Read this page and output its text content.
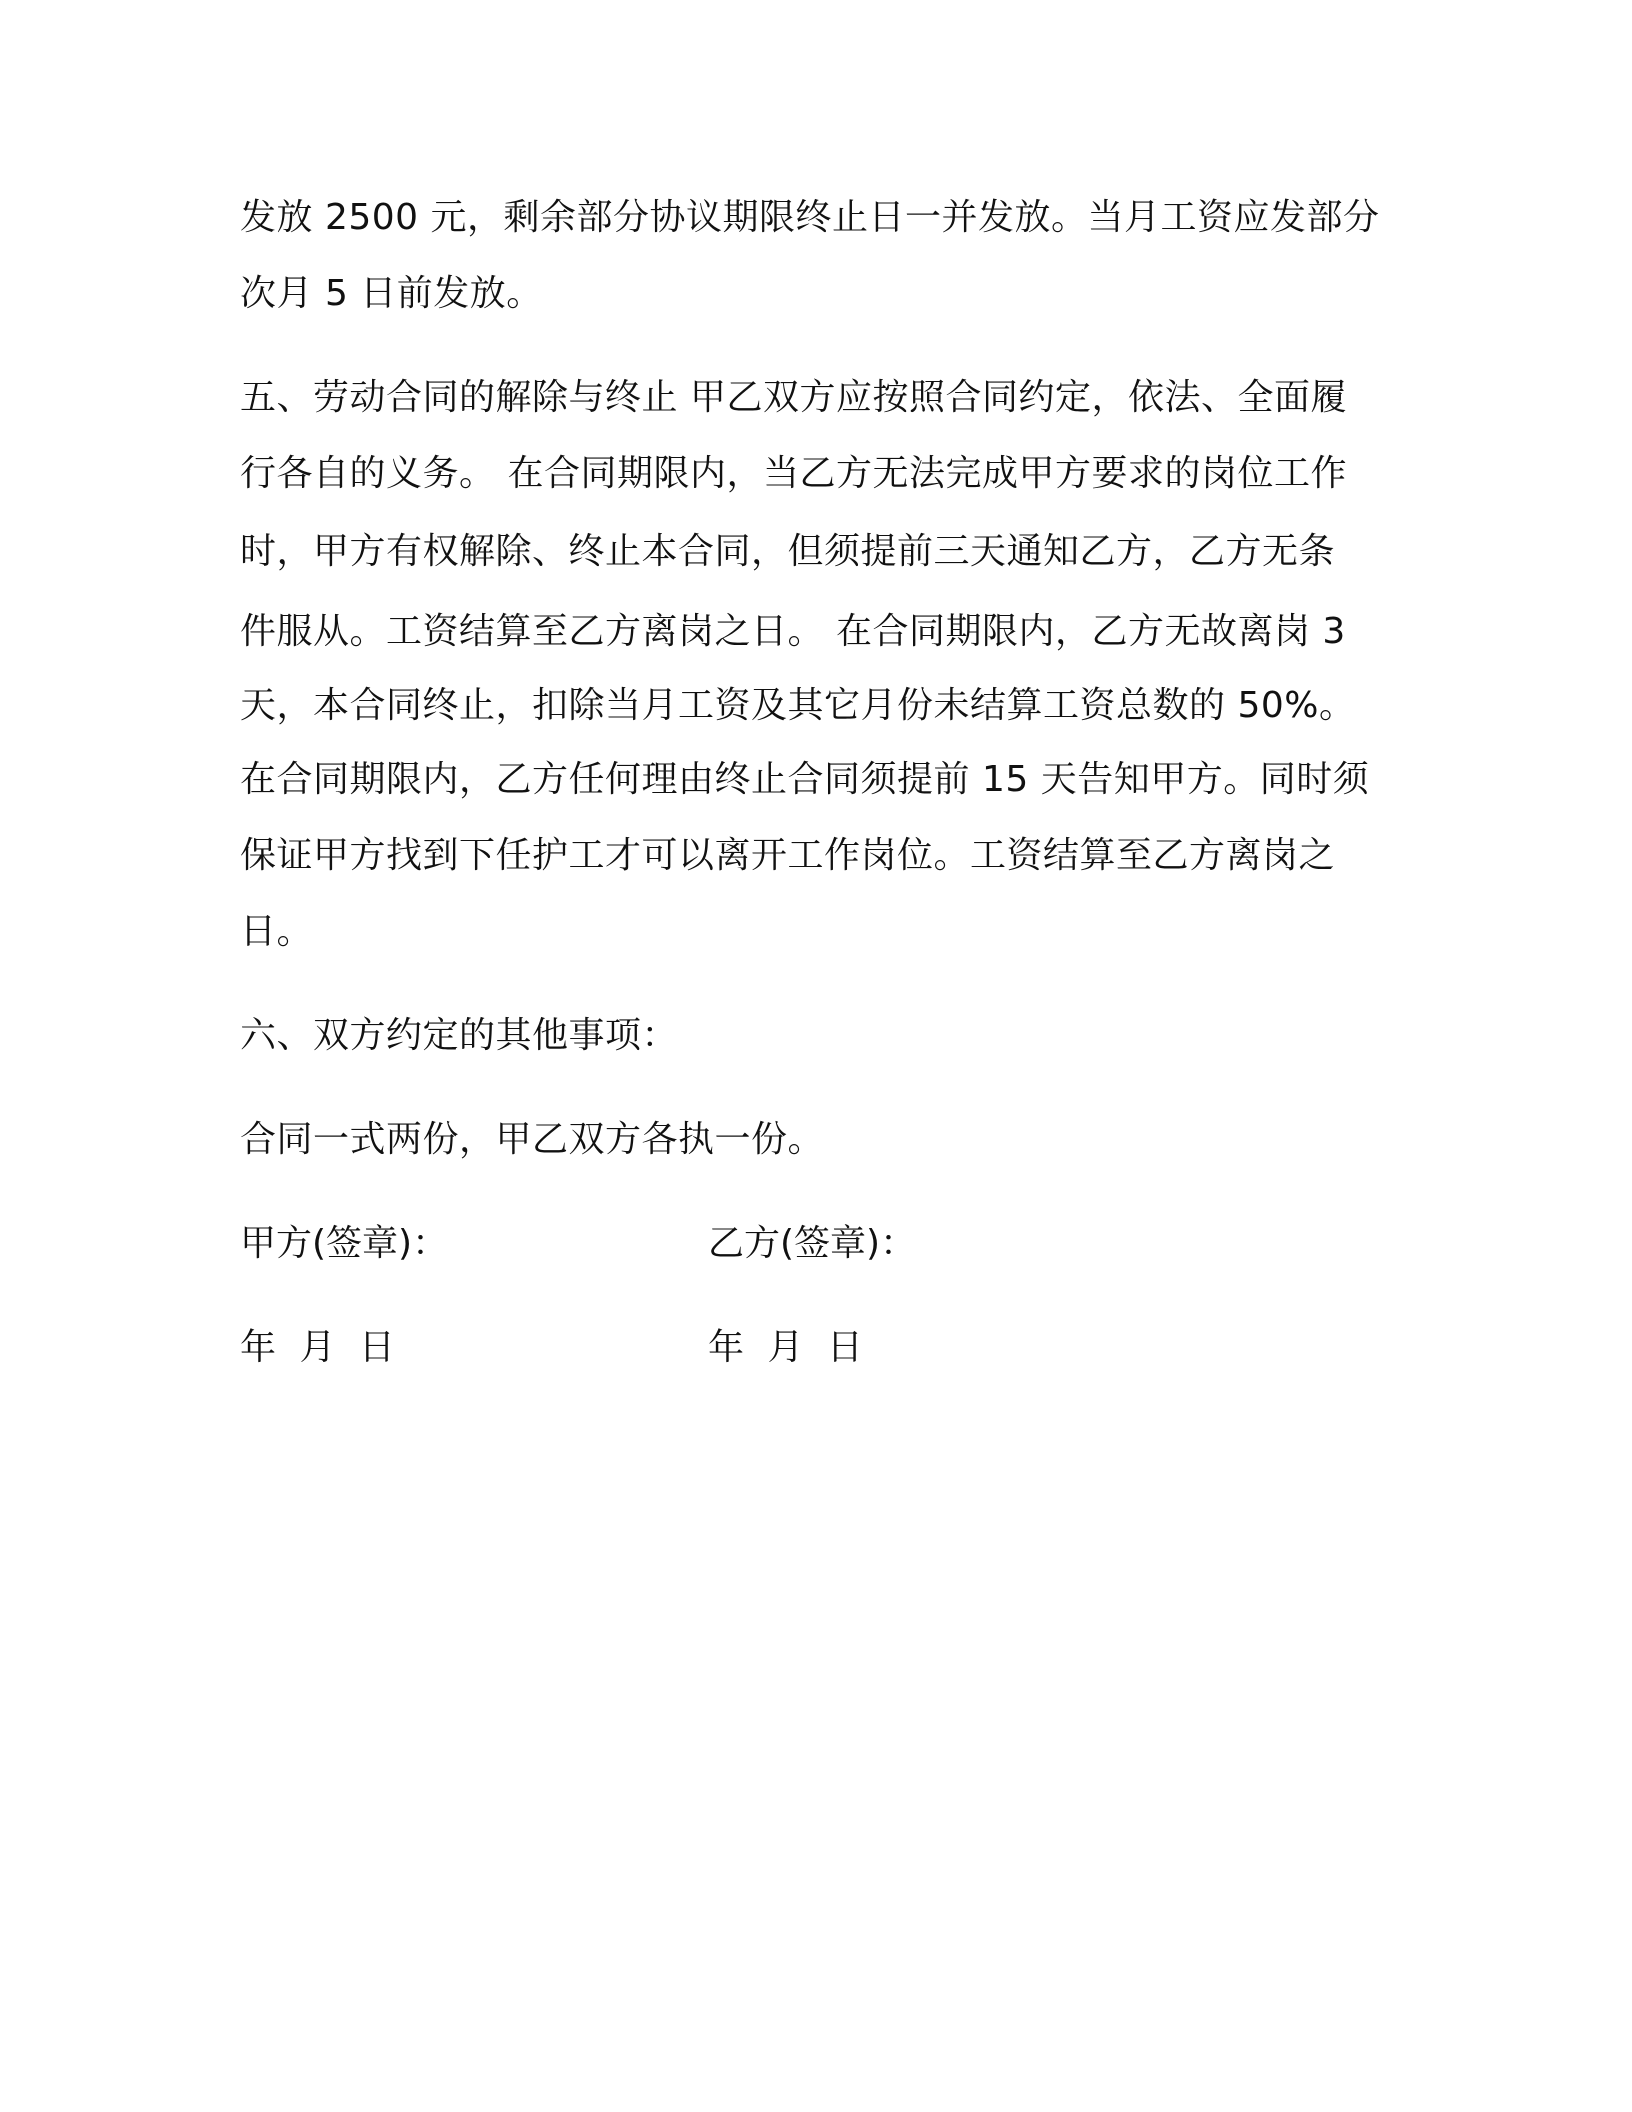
发放 2500 元，剩余部分协议期限终止日一并发放。当月工资应发部分
次月 5 日前发放。
五、劳动合同的解除与终止 甲乙双方应按照合同约定，依法、全面履
行各自的义务。 在合同期限内，当乙方无法完成甲方要求的岗位工作
时，甲方有权解除、终止本合同，但须提前三天通知乙方，乙方无条
件服从。工资结算至乙方离岗之日。 在合同期限内，乙方无故离岗 3
天，本合同终止，扣除当月工资及其它月份未结算工资总数的 50%。
在合同期限内，乙方任何理由终止合同须提前 15 天告知甲方。同时须
保证甲方找到下任护工才可以离开工作岗位。工资结算至乙方离岗之
日。
六、双方约定的其他事项：
合同一式两份，甲乙双方各执一份。
甲方(签章)：	乙方(签章)：
年 月 日	年 月 日
